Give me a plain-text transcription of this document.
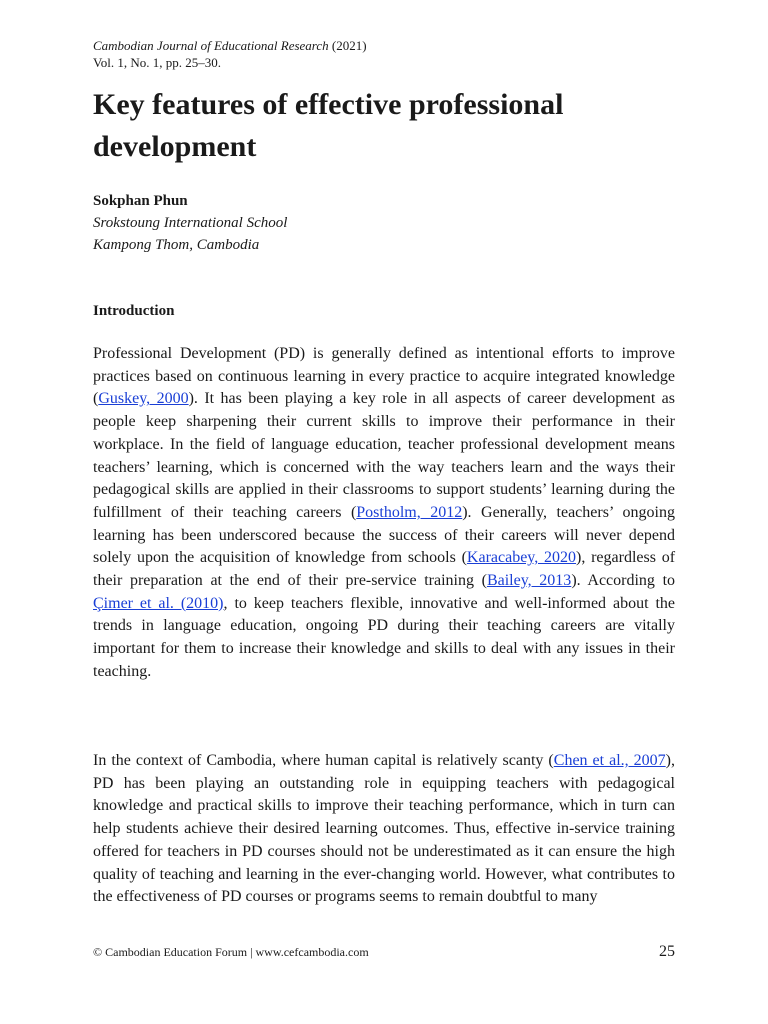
Cambodian Journal of Educational Research (2021)
Vol. 1, No. 1, pp. 25–30.
Key features of effective professional development
Sokphan Phun
Srokstoung International School
Kampong Thom, Cambodia
Introduction

Professional Development (PD) is generally defined as intentional efforts to improve practices based on continuous learning in every practice to acquire integrated knowledge (Guskey, 2000). It has been playing a key role in all aspects of career development as people keep sharpening their current skills to improve their performance in their workplace. In the field of language education, teacher professional development means teachers’ learning, which is concerned with the way teachers learn and the ways their pedagogical skills are applied in their classrooms to support students’ learning during the fulfillment of their teaching careers (Postholm, 2012). Generally, teachers’ ongoing learning has been underscored because the success of their careers will never depend solely upon the acquisition of knowledge from schools (Karacabey, 2020), regardless of their preparation at the end of their pre-service training (Bailey, 2013). According to Çimer et al. (2010), to keep teachers flexible, innovative and well-informed about the trends in language education, ongoing PD during their teaching careers are vitally important for them to increase their knowledge and skills to deal with any issues in their teaching.

In the context of Cambodia, where human capital is relatively scanty (Chen et al., 2007), PD has been playing an outstanding role in equipping teachers with pedagogical knowledge and practical skills to improve their teaching performance, which in turn can help students achieve their desired learning outcomes. Thus, effective in-service training offered for teachers in PD courses should not be underestimated as it can ensure the high quality of teaching and learning in the ever-changing world. However, what contributes to the effectiveness of PD courses or programs seems to remain doubtful to many

© Cambodian Education Forum | www.cefcambodia.com	25
